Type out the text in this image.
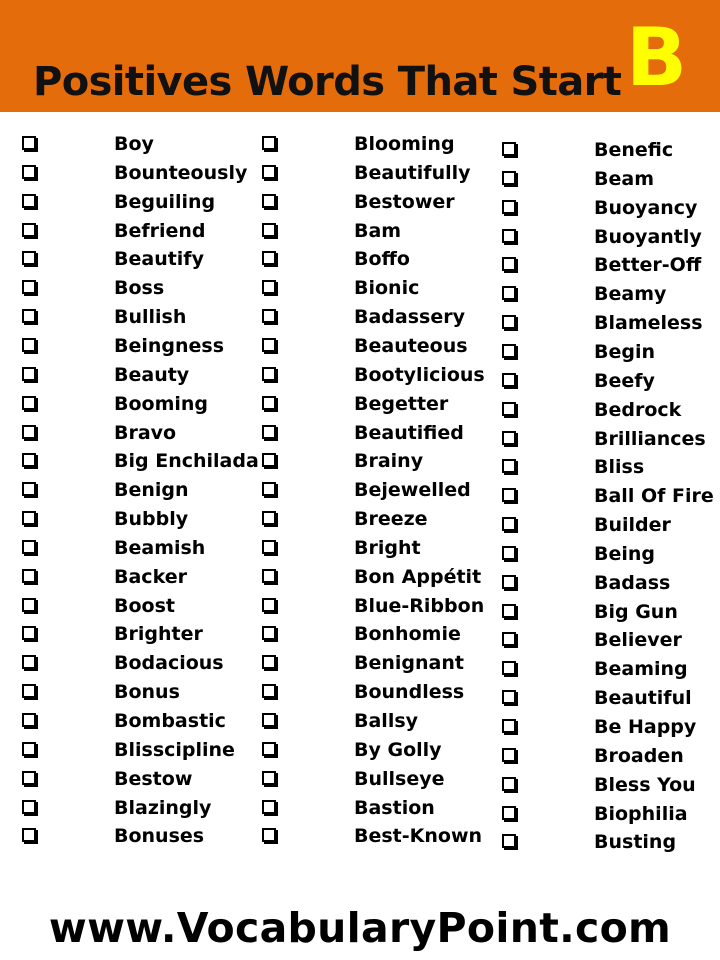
Positives Words That Start B
Boy
Bounteously
Beguiling
Befriend
Beautify
Boss
Bullish
Beingness
Beauty
Booming
Bravo
Big Enchilada
Benign
Bubbly
Beamish
Backer
Boost
Brighter
Bodacious
Bonus
Bombastic
Blisscipline
Bestow
Blazingly
Bonuses
Blooming
Beautifully
Bestower
Bam
Boffo
Bionic
Badassery
Beauteous
Bootylicious
Begetter
Beautified
Brainy
Bejewelled
Breeze
Bright
Bon Appétit
Blue-Ribbon
Bonhomie
Benignant
Boundless
Ballsy
By Golly
Bullseye
Bastion
Best-Known
Benefic
Beam
Buoyancy
Buoyantly
Better-Off
Beamy
Blameless
Begin
Beefy
Bedrock
Brilliances
Bliss
Ball Of Fire
Builder
Being
Badass
Big Gun
Believer
Beaming
Beautiful
Be Happy
Broaden
Bless You
Biophilia
Busting
www.VocabularyPoint.com
